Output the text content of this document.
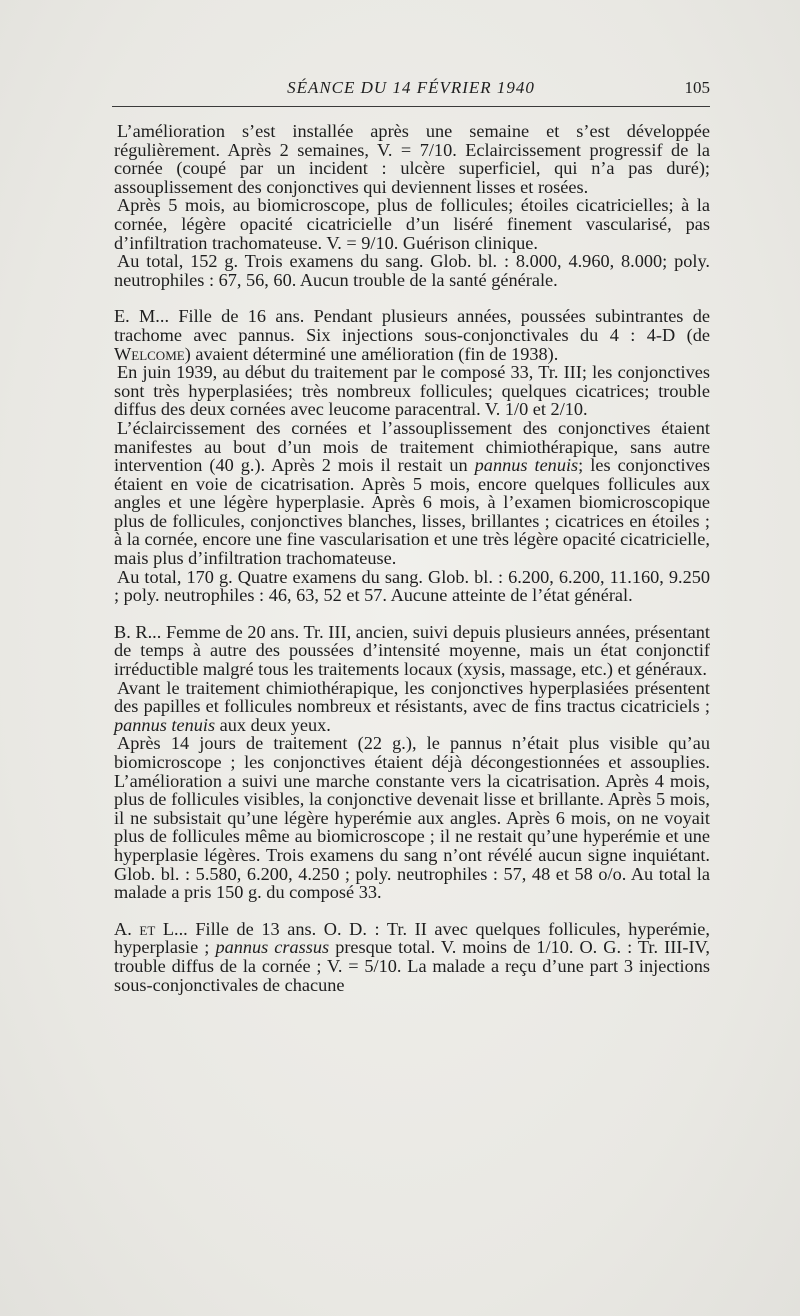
SÉANCE DU 14 FÉVRIER 1940	105

L’amélioration s’est installée après une semaine et s’est développée régulièrement. Après 2 semaines, V. = 7/10. Eclaircissement progressif de la cornée (coupé par un incident : ulcère superficiel, qui n’a pas duré); assouplissement des conjonctives qui deviennent lisses et rosées.

Après 5 mois, au biomicroscope, plus de follicules; étoiles cicatricielles; à la cornée, légère opacité cicatricielle d’un liséré finement vascularisé, pas d’infiltration trachomateuse. V. = 9/10. Guérison clinique.

Au total, 152 g. Trois examens du sang. Glob. bl. : 8.000, 4.960, 8.000; poly. neutrophiles : 67, 56, 60. Aucun trouble de la santé générale.

E. M... Fille de 16 ans. Pendant plusieurs années, poussées subintrantes de trachome avec pannus. Six injections sous-conjonctivales du 4 : 4-D (de Welcome) avaient déterminé une amélioration (fin de 1938).

En juin 1939, au début du traitement par le composé 33, Tr. III; les conjonctives sont très hyperplasiées; très nombreux follicules; quelques cicatrices; trouble diffus des deux cornées avec leucome paracentral. V. 1/0 et 2/10.

L’éclaircissement des cornées et l’assouplissement des conjonctives étaient manifestes au bout d’un mois de traitement chimiothérapique, sans autre intervention (40 g.). Après 2 mois il restait un pannus tenuis; les conjonctives étaient en voie de cicatrisation. Après 5 mois, encore quelques follicules aux angles et une légère hyperplasie. Après 6 mois, à l’examen biomicroscopique plus de follicules, conjonctives blanches, lisses, brillantes ; cicatrices en étoiles ; à la cornée, encore une fine vascularisation et une très légère opacité cicatricielle, mais plus d’infiltration trachomateuse.

Au total, 170 g. Quatre examens du sang. Glob. bl. : 6.200, 6.200, 11.160, 9.250 ; poly. neutrophiles : 46, 63, 52 et 57. Aucune atteinte de l’état général.

B. R... Femme de 20 ans. Tr. III, ancien, suivi depuis plusieurs années, présentant de temps à autre des poussées d’intensité moyenne, mais un état conjonctif irréductible malgré tous les traitements locaux (xysis, massage, etc.) et généraux.

Avant le traitement chimiothérapique, les conjonctives hyperplasiées présentent des papilles et follicules nombreux et résistants, avec de fins tractus cicatriciels ; pannus tenuis aux deux yeux.

Après 14 jours de traitement (22 g.), le pannus n’était plus visible qu’au biomicroscope ; les conjonctives étaient déjà décongestionnées et assouplies. L’amélioration a suivi une marche constante vers la cicatrisation. Après 4 mois, plus de follicules visibles, la conjonctive devenait lisse et brillante. Après 5 mois, il ne subsistait qu’une légère hyperémie aux angles. Après 6 mois, on ne voyait plus de follicules même au biomicroscope ; il ne restait qu’une hyperémie et une hyperplasie légères. Trois examens du sang n’ont révélé aucun signe inquiétant. Glob. bl. : 5.580, 6.200, 4.250 ; poly. neutrophiles : 57, 48 et 58 o/o. Au total la malade a pris 150 g. du composé 33.

A. et L... Fille de 13 ans. O. D. : Tr. II avec quelques follicules, hyperémie, hyperplasie ; pannus crassus presque total. V. moins de 1/10. O. G. : Tr. III-IV, trouble diffus de la cornée ; V. = 5/10. La malade a reçu d’une part 3 injections sous-conjonctivales de chacune
